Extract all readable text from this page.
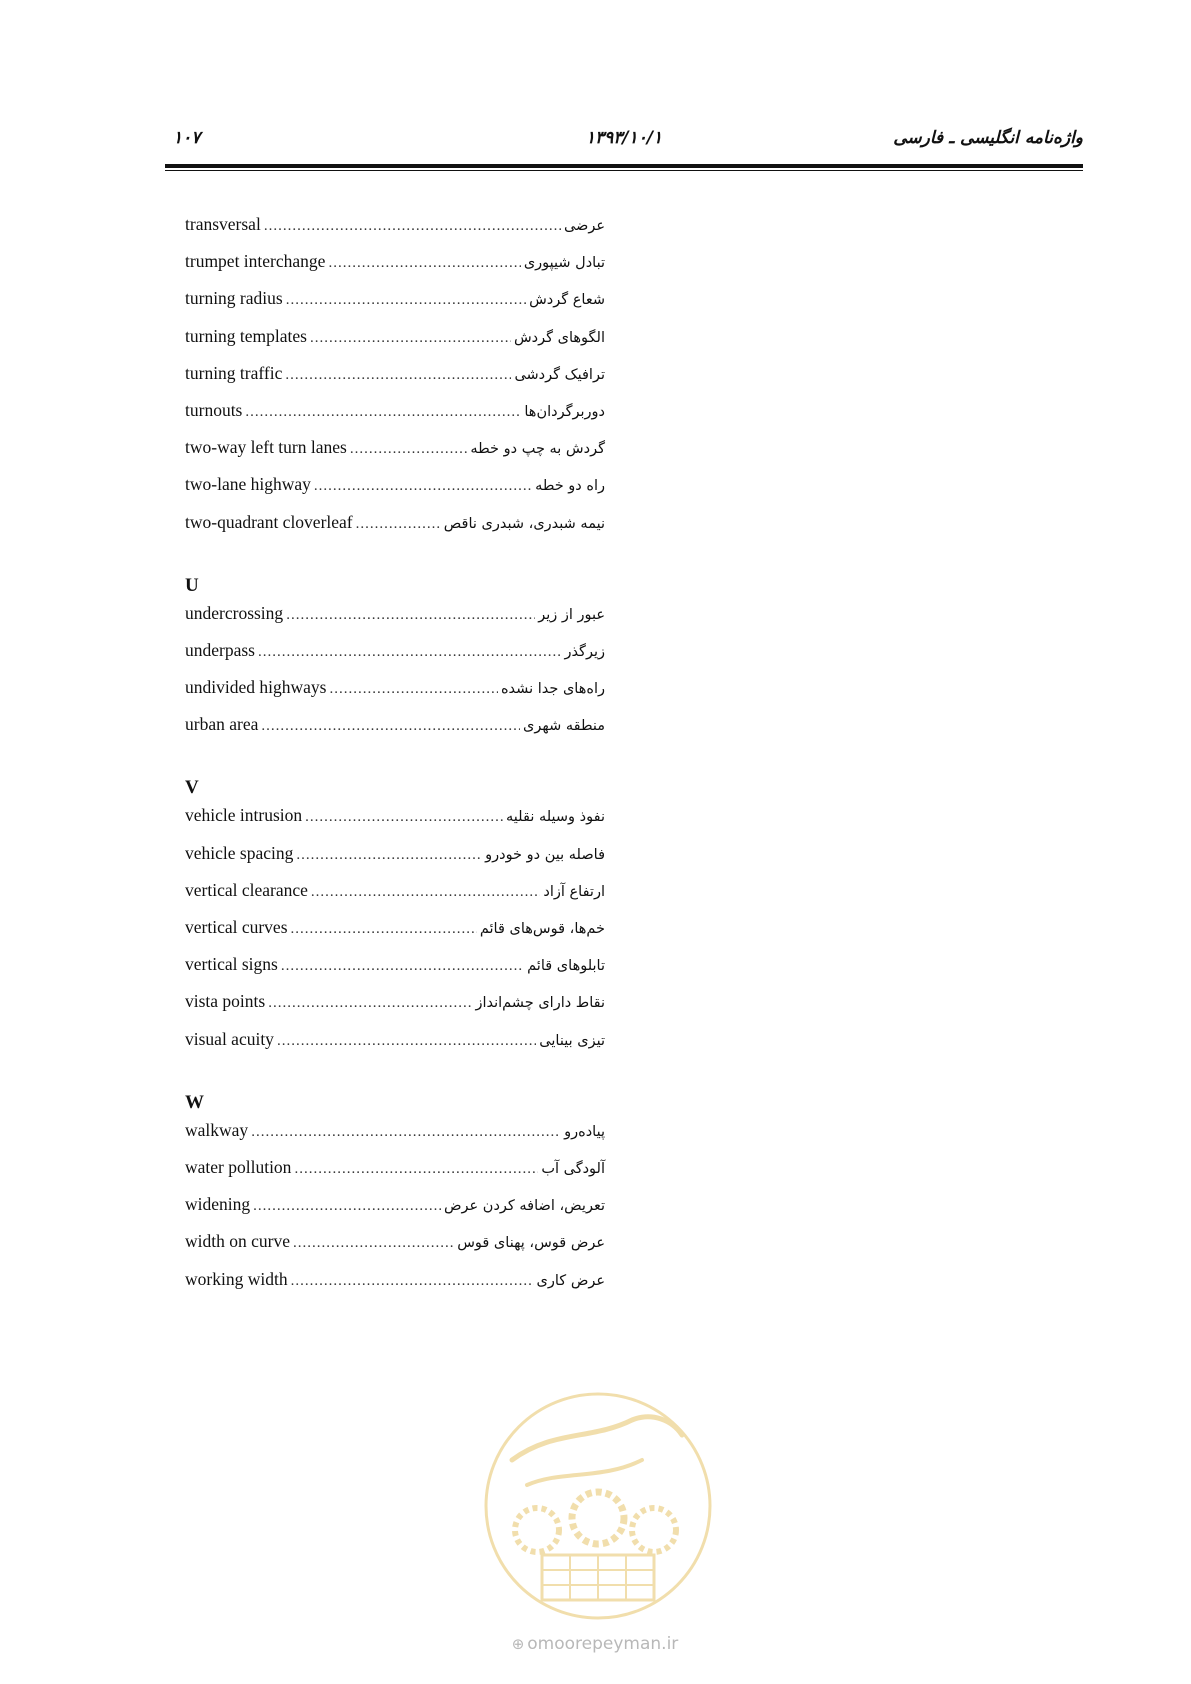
۱۰۷	۱۳۹۳/۱۰/۱	واژه‌نامه انگلیسی ـ فارسی
transversal .....	عرضی
trumpet interchange .....	تبادل شیپوری
turning radius .....	شعاع گردش
turning templates .....	الگوهای گردش
turning traffic .....	ترافیک گردشی
turnouts .....	دوربرگردان‌ها
two-way left turn lanes .....	گردش به چپ دو خطه
two-lane highway .....	راه دو خطه
two-quadrant cloverleaf .....	نیمه شبدری، شبدری ناقص
U
undercrossing .....	عبور از زیر
underpass .....	زیرگذر
undivided highways .....	راه‌های جدا نشده
urban area .....	منطقه شهری
V
vehicle intrusion .....	نفوذ وسیله نقلیه
vehicle spacing .....	فاصله بین دو خودرو
vertical clearance .....	ارتفاع آزاد
vertical curves .....	خم‌ها، قوس‌های قائم
vertical signs .....	تابلوهای قائم
vista points .....	نقاط دارای چشم‌انداز
visual acuity .....	تیزی بینایی
W
walkway .....	پیاده‌رو
water pollution .....	آلودگی آب
widening .....	تعریض، اضافه کردن عرض
width on curve .....	عرض قوس، پهنای قوس
working width .....	عرض کاری
⊕ omoorepeyman.ir
